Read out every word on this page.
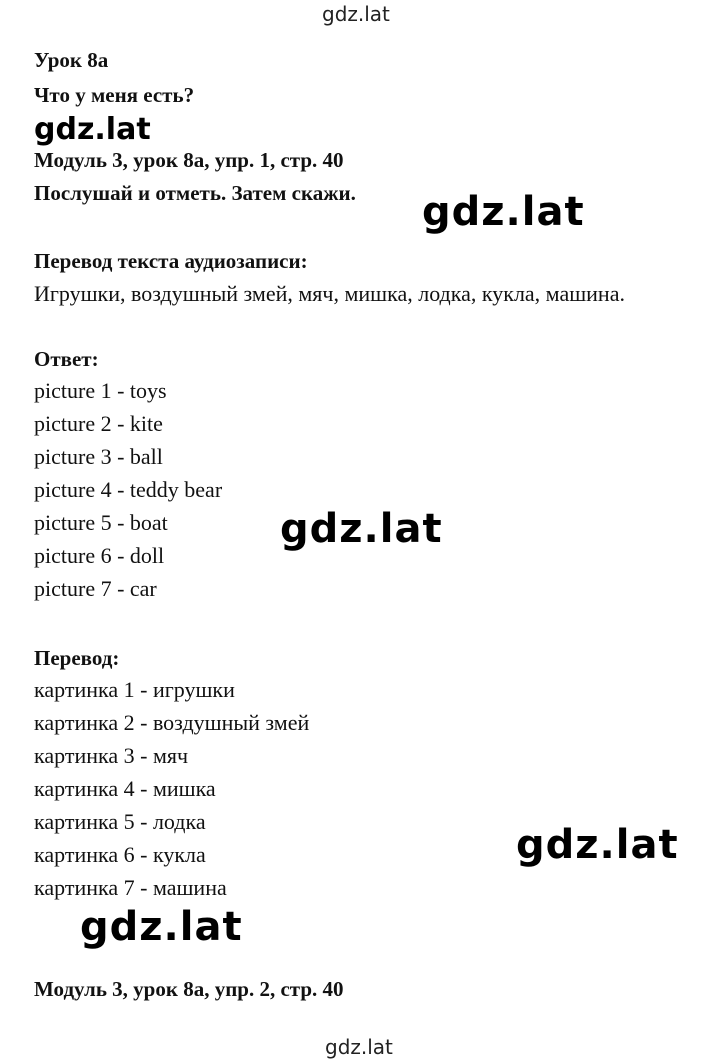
gdz.lat
Урок 8а
Что у меня есть?
gdz.lat
Модуль 3, урок 8а, упр. 1, стр. 40
Послушай и отметь. Затем скажи. gdz.lat
Перевод текста аудиозаписи:
Игрушки, воздушный змей, мяч, мишка, лодка, кукла, машина.
Ответ:
picture 1 - toys
picture 2 - kite
picture 3 - ball
picture 4 - teddy bear
picture 5 - boat
picture 6 - doll
picture 7 - car
gdz.lat
Перевод:
картинка 1 - игрушки
картинка 2 - воздушный змей
картинка 3 - мяч
картинка 4 - мишка
картинка 5 - лодка
картинка 6 - кукла
картинка 7 - машина
gdz.lat
gdz.lat
Модуль 3, урок 8а, упр. 2, стр. 40
gdz.lat
